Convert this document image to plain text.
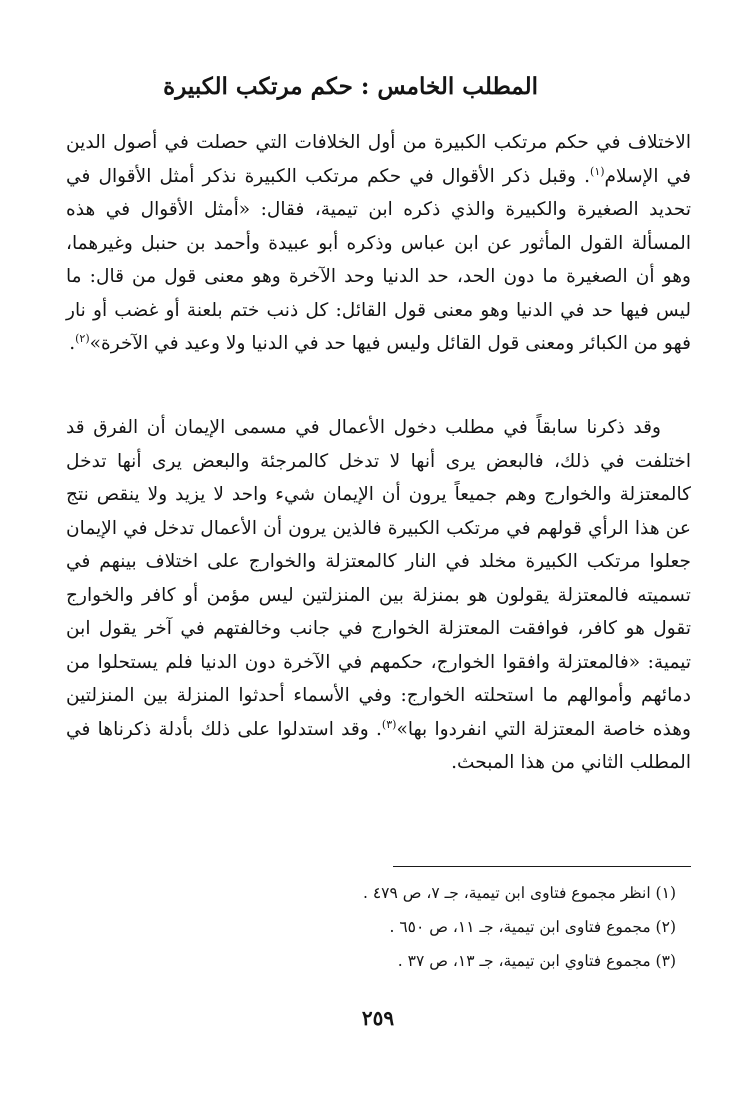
المطلب الخامس : حكم مرتكب الكبيرة

الاختلاف في حكم مرتكب الكبيرة من أول الخلافات التي حصلت في أصول الدين في الإسلام$^{(١)}$. وقبل ذكر الأقوال في حكم مرتكب الكبيرة نذكر أمثل الأقوال في تحديد الصغيرة والكبيرة والذي ذكره ابن تيمية، فقال: «أمثل الأقوال في هذه المسألة القول المأثور عن ابن عباس وذكره أبو عبيدة وأحمد بن حنبل وغيرهما، وهو أن الصغيرة ما دون الحد، حد الدنيا وحد الآخرة وهو معنى قول من قال: ما ليس فيها حد في الدنيا وهو معنى قول القائل: كل ذنب ختم بلعنة أو غضب أو نار فهو من الكبائر ومعنى قول القائل وليس فيها حد في الدنيا ولا وعيد في الآخرة»$^{(٢)}$.

وقد ذكرنا سابقاً في مطلب دخول الأعمال في مسمى الإيمان أن الفرق قد اختلفت في ذلك، فالبعض يرى أنها لا تدخل كالمرجئة والبعض يرى أنها تدخل كالمعتزلة والخوارج وهم جميعاً يرون أن الإيمان شيء واحد لا يزيد ولا ينقص نتج عن هذا الرأي قولهم في مرتكب الكبيرة فالذين يرون أن الأعمال تدخل في الإيمان جعلوا مرتكب الكبيرة مخلد في النار كالمعتزلة والخوارج على اختلاف بينهم في تسميته فالمعتزلة يقولون هو بمنزلة بين المنزلتين ليس مؤمن أو كافر والخوارج تقول هو كافر، فوافقت المعتزلة الخوارج في جانب وخالفتهم في آخر يقول ابن تيمية: «فالمعتزلة وافقوا الخوارج، حكمهم في الآخرة دون الدنيا فلم يستحلوا من دمائهم وأموالهم ما استحلته الخوارج: وفي الأسماء أحدثوا المنزلة بين المنزلتين وهذه خاصة المعتزلة التي انفردوا بها»$^{(٣)}$. وقد استدلوا على ذلك بأدلة ذكرناها في المطلب الثاني من هذا المبحث.

(١) انظر مجموع فتاوى ابن تيمية، جـ ٧، ص ٤٧٩ .
(٢) مجموع فتاوى ابن تيمية، جـ ١١، ص ٦٥٠ .
(٣) مجموع فتاوي ابن تيمية، جـ ١٣، ص ٣٧ .
٢٥٩
